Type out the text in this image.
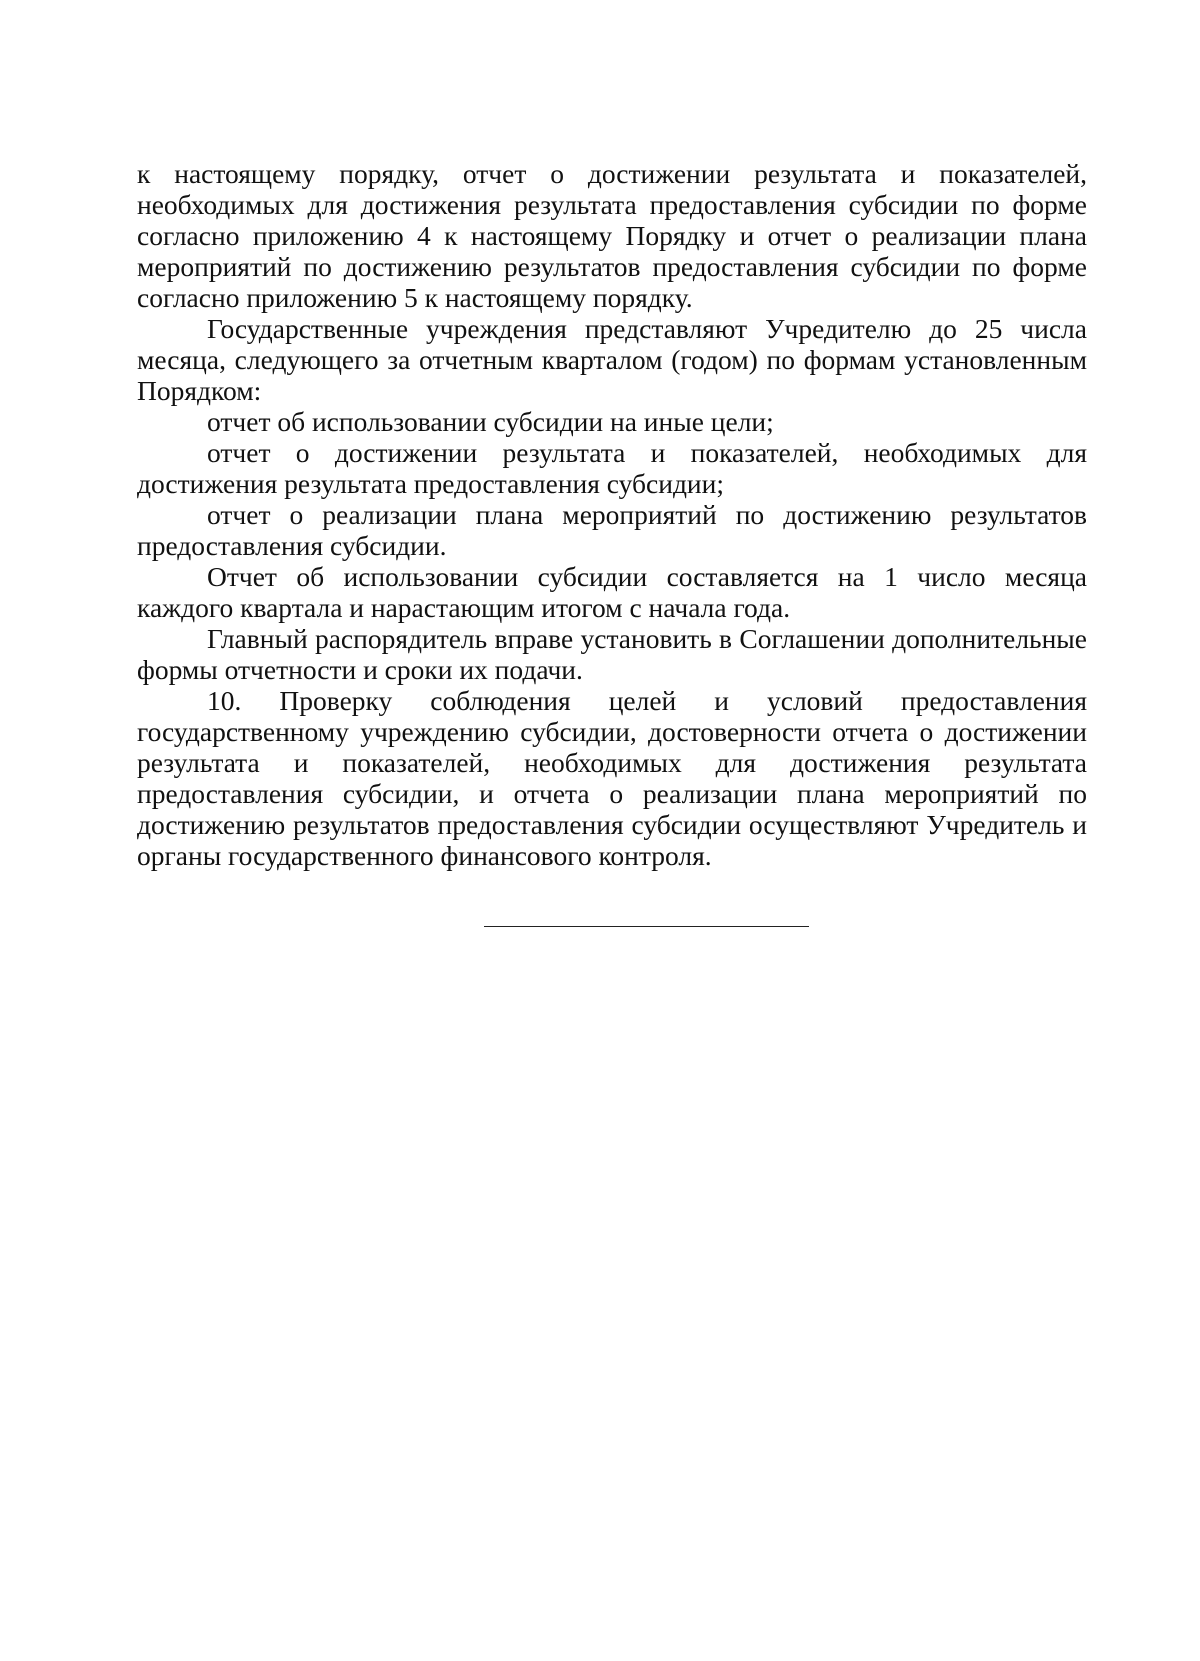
к настоящему порядку, отчет о достижении результата и показателей, необходимых для достижения результата предоставления субсидии по форме согласно приложению 4 к настоящему Порядку и отчет о реализации плана мероприятий по достижению результатов предоставления субсидии по форме согласно приложению 5 к настоящему порядку.

Государственные учреждения представляют Учредителю до 25 числа месяца, следующего за отчетным кварталом (годом) по формам установленным Порядком:

отчет об использовании субсидии на иные цели;

отчет о достижении результата и показателей, необходимых для достижения результата предоставления субсидии;

отчет о реализации плана мероприятий по достижению результатов предоставления субсидии.

Отчет об использовании субсидии составляется на 1 число месяца каждого квартала и нарастающим итогом с начала года.

Главный распорядитель вправе установить в Соглашении дополнительные формы отчетности и сроки их подачи.

10. Проверку соблюдения целей и условий предоставления государственному учреждению субсидии, достоверности отчета о достижении результата и показателей, необходимых для достижения результата предоставления субсидии, и отчета о реализации плана мероприятий по достижению результатов предоставления субсидии осуществляют Учредитель и органы государственного финансового контроля.
